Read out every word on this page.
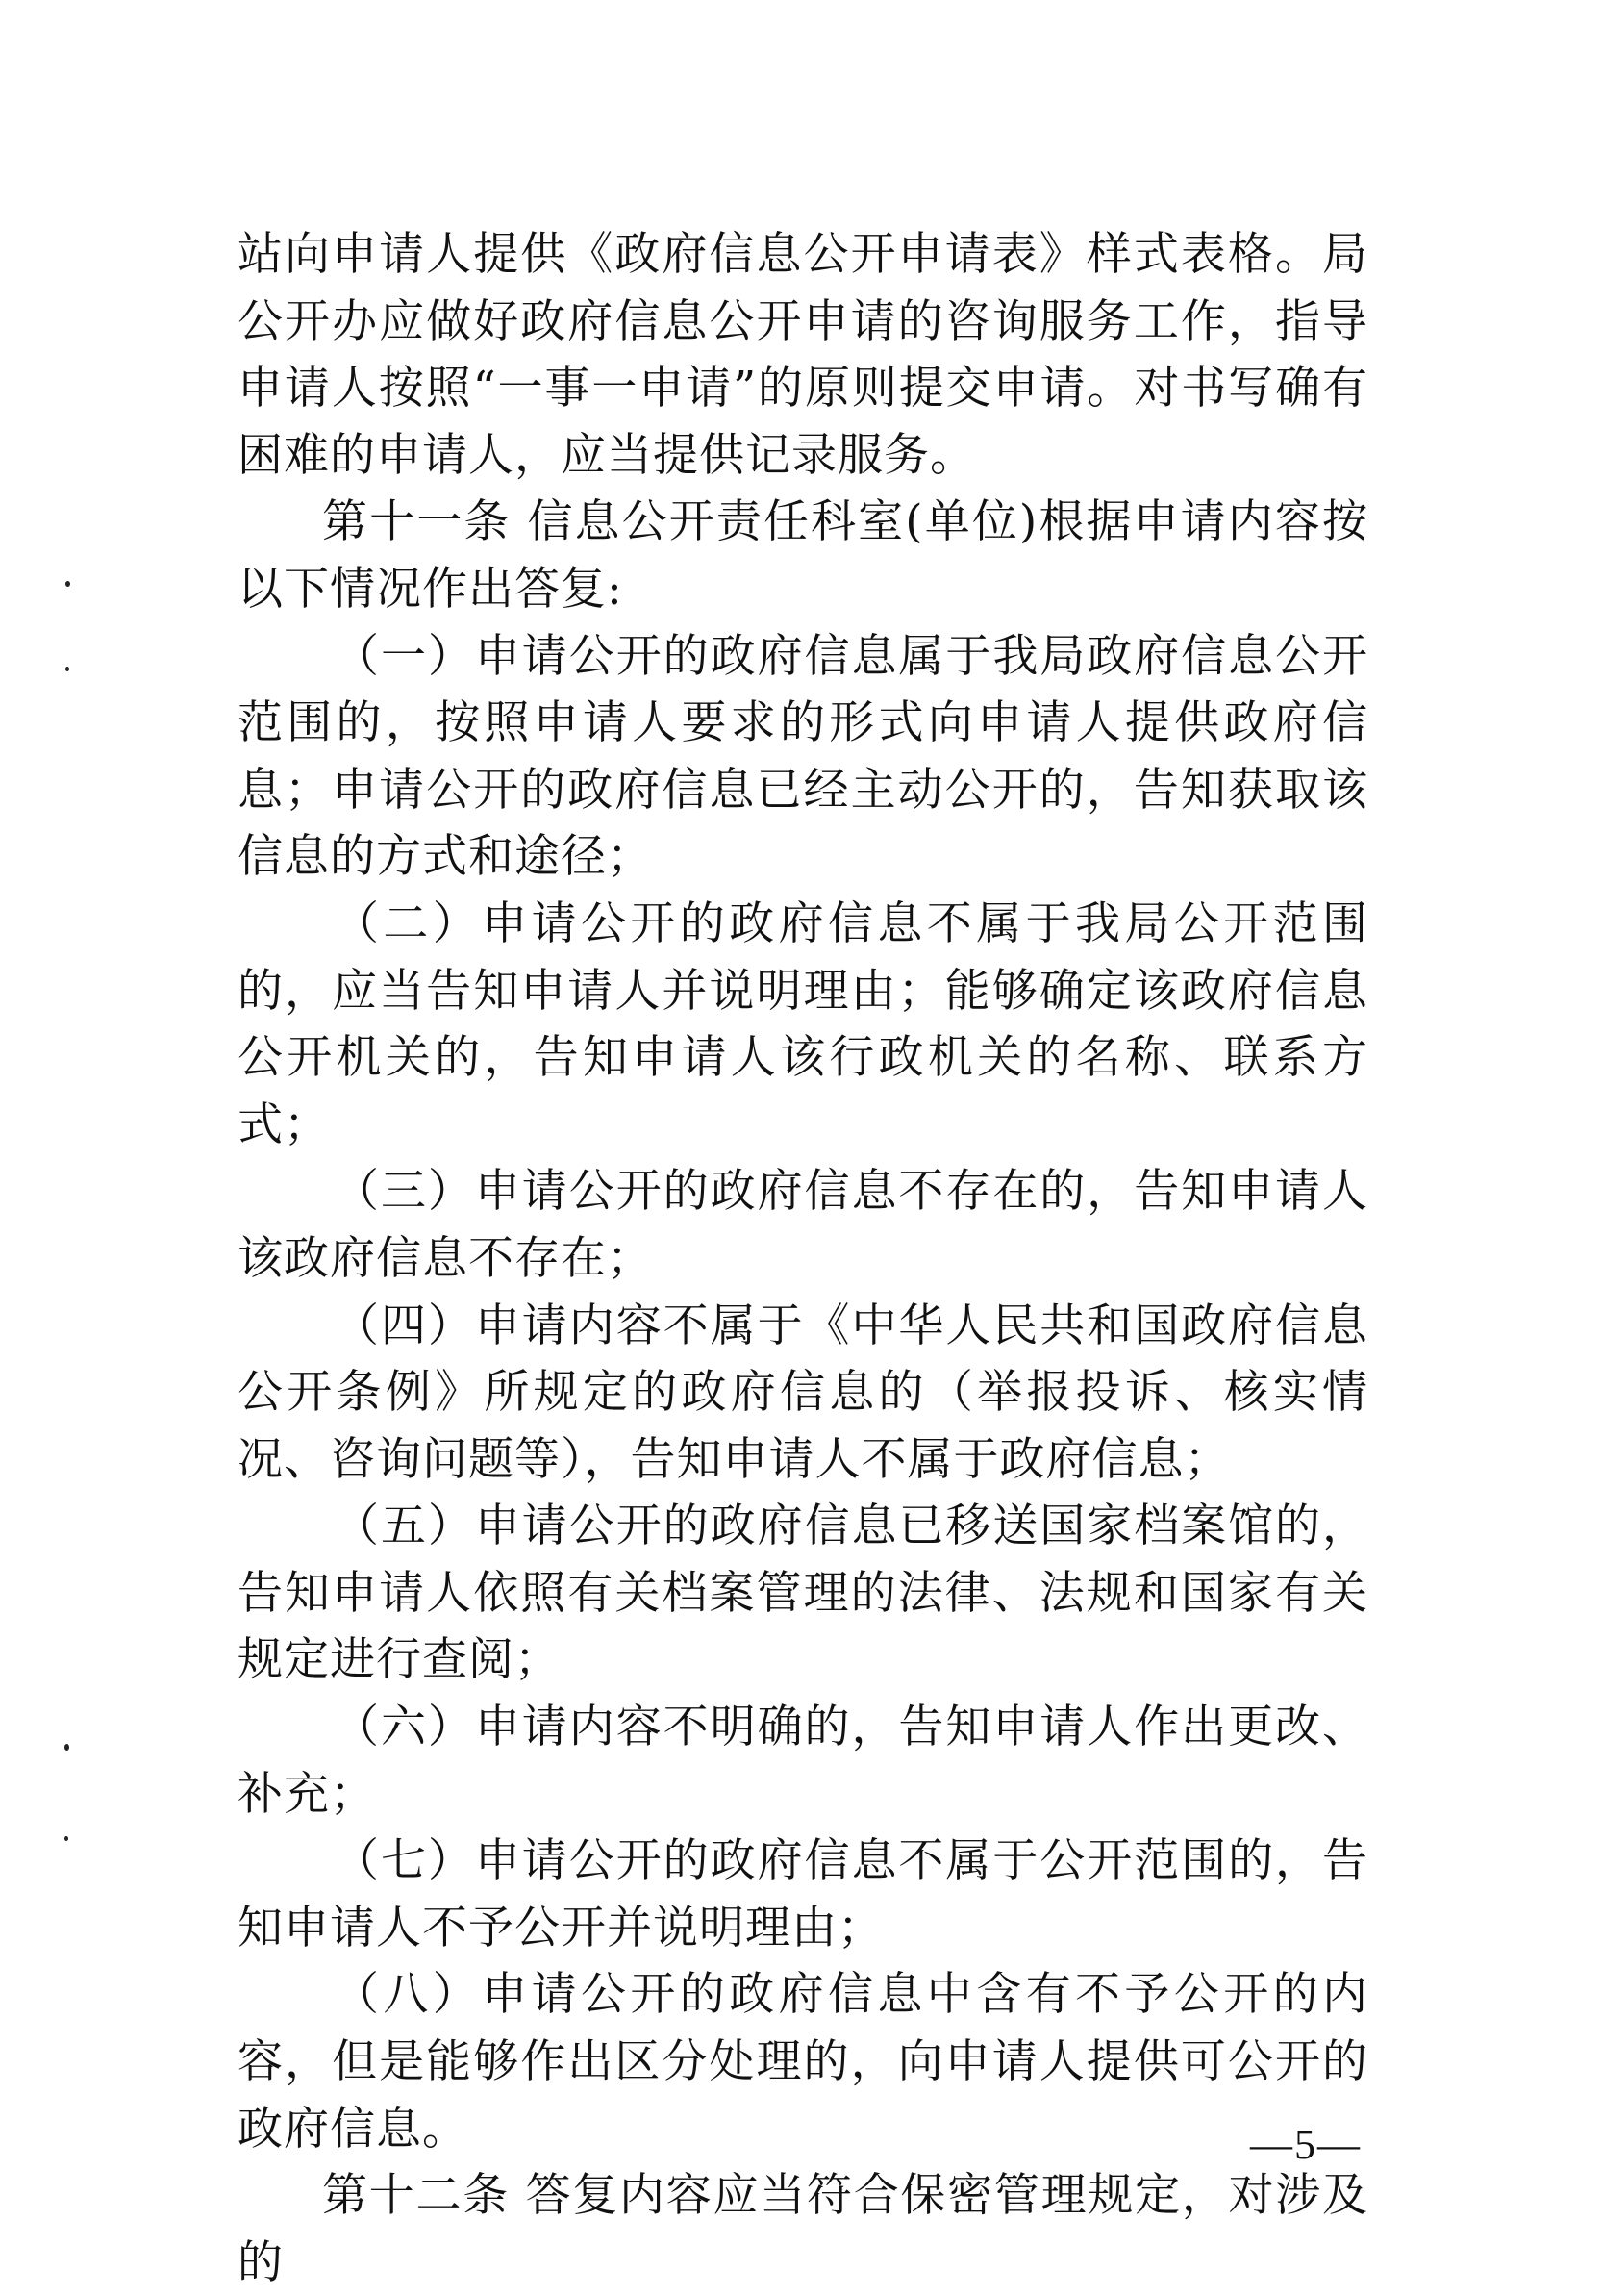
站向申请人提供《政府信息公开申请表》样式表格。局公开办应做好政府信息公开申请的咨询服务工作，指导申请人按照“一事一申请”的原则提交申请。对书写确有困难的申请人，应当提供记录服务。

第十一条 信息公开责任科室(单位)根据申请内容按以下情况作出答复:

（一）申请公开的政府信息属于我局政府信息公开范围的，按照申请人要求的形式向申请人提供政府信息；申请公开的政府信息已经主动公开的，告知获取该信息的方式和途径；

（二）申请公开的政府信息不属于我局公开范围的，应当告知申请人并说明理由；能够确定该政府信息公开机关的，告知申请人该行政机关的名称、联系方式；

（三）申请公开的政府信息不存在的，告知申请人该政府信息不存在；

（四）申请内容不属于《中华人民共和国政府信息公开条例》所规定的政府信息的（举报投诉、核实情况、咨询问题等），告知申请人不属于政府信息；

（五）申请公开的政府信息已移送国家档案馆的，告知申请人依照有关档案管理的法律、法规和国家有关规定进行查阅；

（六）申请内容不明确的，告知申请人作出更改、补充；

（七）申请公开的政府信息不属于公开范围的，告知申请人不予公开并说明理由；

（八）申请公开的政府信息中含有不予公开的内容，但是能够作出区分处理的，向申请人提供可公开的政府信息。

第十二条 答复内容应当符合保密管理规定，对涉及的

—5—
